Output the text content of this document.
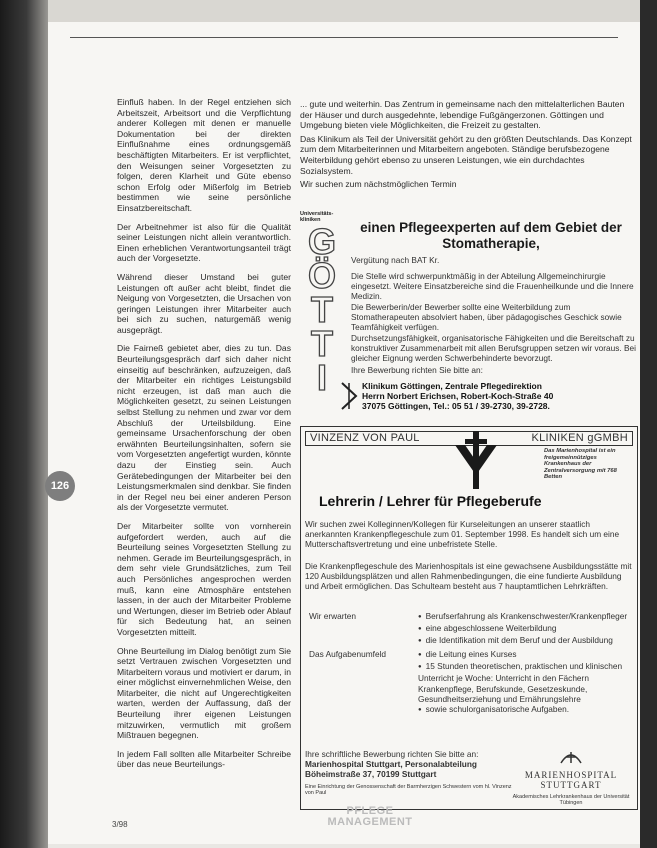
126

Einfluß haben. In der Regel entziehen sich Arbeitszeit, Arbeitsort und die Verpflichtung anderer Kollegen mit denen er manuelle Dokumentation bei der direkten Einflußnahme eines ordnungsgemäß beschäftigten Mitarbeiters. Er ist verpflichtet, den Weisungen seiner Vorgesetzten zu folgen, deren Klarheit und Güte ebenso schon Erfolg oder Mißerfolg im Betrieb bestimmen wie seine persönliche Einsatzbereitschaft.

Der Arbeitnehmer ist also für die Qualität seiner Leistungen nicht allein verantwortlich. Einen erheblichen Verantwortungsanteil trägt auch der Vorgesetzte.

Während dieser Umstand bei guter Leistungen oft außer acht bleibt, findet die Neigung von Vorgesetzten, die Ursachen von geringen Leistungen ihrer Mitarbeiter auch bei sich zu suchen, naturgemäß wenig ausgeprägt.

Die Fairneß gebietet aber, dies zu tun. Das Beurteilungsgespräch darf sich daher nicht einseitig auf beschränken, aufzuzeigen, daß der Mitarbeiter ein richtiges Leistungsbild nicht erzeugen, ist daß man auch die Möglichkeiten gesetzt, zu seinen Leistungen selbst Stellung zu nehmen und zwar vor dem Abschluß der Urteilsbildung. Eine gemeinsame Ursachenforschung der oben erwähnten Beurteilungsinhalten, sofern sie vom Vorgesetzten angefertigt wurden, könnte dazu der Einstieg sein. Auch Gerätebedingungen der Mitarbeiter bei den Leistungsmerkmalen sind denkbar. Sie finden in der Regel neu bei einer anderen Person als der Vorgesetzte vermutet.

Der Mitarbeiter sollte von vornherein aufgefordert werden, auch auf die Beurteilung seines Vorgesetzten Stellung zu nehmen. Gerade im Beurteilungsgespräch, in dem sehr viele Grundsätzliches, zum Teil auch Persönliches angesprochen werden muß, kann eine Atmosphäre entstehen lassen, in der auch der Mitarbeiter Probleme und Wertungen, dieser im Betrieb oder Ablauf für sich Bedeutung hat, an seinen Vorgesetzten mitteilt.

Ohne Beurteilung im Dialog benötigt zum Sie setzt Vertrauen zwischen Vorgesetzten und Mitarbeitern voraus und motiviert er darum, in einer möglichst einvernehmlichen Weise, den Mitarbeiter, die nicht auf Ungerechtigkeiten warten, werden der Auffassung, daß der Beurteilung ihrer eigenen Leistungen mitzuwirken, vermutlich mit großem Mißtrauen begegnen.

In jedem Fall sollten alle Mitarbeiter Schreibe über das neue Beurteilungs-

... gute und weiterhin. Das Zentrum in gemeinsame nach den mittelalterlichen Bauten der Häuser und durch ausgedehnte, lebendige Fußgängerzonen. Göttingen und Umgebung bieten viele Möglichkeiten, die Freizeit zu gestalten.

Das Klinikum als Teil der Universität gehört zu den größten Deutschlands. Das Konzept zum dem Mitarbeiterinnen und Mitarbeitern angeboten. Ständige berufsbezogene Weiterbildung gehört ebenso zu unseren Leistungen, wie ein durchdachtes Sozialsystem.

Wir suchen zum nächstmöglichen Termin

Universitäts-kliniken
G
Ö
T
T
I
einen Pflegeexperten auf dem Gebiet der Stomatherapie,

Vergütung nach BAT Kr.

Die Stelle wird schwerpunktmäßig in der Abteilung Allgemeinchirurgie eingesetzt. Weitere Einsatzbereiche sind die Frauenheilkunde und die Innere Medizin.

Die Bewerberin/der Bewerber sollte eine Weiterbildung zum Stomatherapeuten absolviert haben, über pädagogisches Geschick sowie Teamfähigkeit verfügen.

Durchsetzungsfähigkeit, organisatorische Fähigkeiten und die Bereitschaft zu konstruktiver Zusammenarbeit mit allen Berufsgruppen setzen wir voraus. Bei gleicher Eignung werden Schwerbehinderte bevorzugt.

Ihre Bewerbung richten Sie bitte an:

Klinikum Göttingen, Zentrale Pflegedirektion
Herrn Norbert Erichsen, Robert-Koch-Straße 40
37075 Göttingen, Tel.: 05 51 / 39-2730, 39-2728.
VINZENZ VON PAUL	KLINIKEN gGMBH
Das Marienhospital ist ein freigemeinnütziges Krankenhaus der Zentralversorgung mit 768 Betten
Lehrerin / Lehrer für Pflegeberufe

Wir suchen zwei Kolleginnen/Kollegen für Kurseleitungen an unserer staatlich anerkannten Krankenpflegeschule zum 01. September 1998. Es handelt sich um eine Mutterschaftsvertretung und eine unbefristete Stelle.

Die Krankenpflegeschule des Marienhospitals ist eine gewachsene Ausbildungsstätte mit 120 Ausbildungsplätzen und allen Rahmenbedingungen, die eine fundierte Ausbildung und Arbeit ermöglichen. Das Schulteam besteht aus 7 hauptamtlichen Lehrkräften.

Wir erwarten	● Berufserfahrung als Krankenschwester/Krankenpfleger
● eine abgeschlossene Weiterbildung
● die Identifikation mit dem Beruf und der Ausbildung
Das Aufgabenumfeld	● die Leitung eines Kurses
● 15 Stunden theoretischen, praktischen und klinischen Unterricht je Woche: Unterricht in den Fächern Krankenpflege, Berufskunde, Gesetzeskunde, Gesundheitserziehung und Ernährungslehre
● sowie schulorganisatorische Aufgaben.
Ihre schriftliche Bewerbung richten Sie bitte an:
Marienhospital Stuttgart, Personalabteilung
Böheimstraße 37, 70199 Stuttgart
Eine Einrichtung der Genossenschaft der Barmherzigen Schwestern vom hl. Vinzenz von Paul
MARIENHOSPITAL
STUTTGART
Akademisches Lehrkrankenhaus der Universität Tübingen
3/98
PFLEGE
MANAGEMENT
